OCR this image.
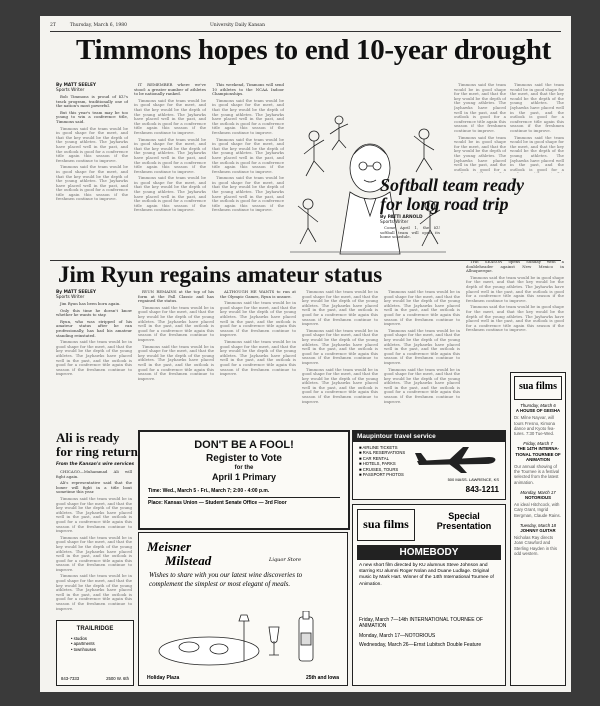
2T	Thursday, March 6, 1980	University Daily Kansan
Timmons hopes to end 10-year drought
By MATT SEELEY
Sports Writer

Bob Timmons is proud of KU's track program, traditionally one of the nation's most powerful.

But this year's team may be too young to win a conference title, Timmons said.

Timmons said the team would be in good shape for the meet, and that the key would be the depth of the young athletes. The Jayhawks have placed well in the past, and the outlook is good for a conference title again this season if the freshmen continue to improve.

Timmons said the team would be in good shape for the meet, and that the key would be the depth of the young athletes. The Jayhawks have placed well in the past, and the outlook is good for a conference title again this season if the freshmen continue to improve.

IT REMEMBER where we've stood: a greater number of athletes to be nationally ranked.

Timmons said the team would be in good shape for the meet, and that the key would be the depth of the young athletes. The Jayhawks have placed well in the past, and the outlook is good for a conference title again this season if the freshmen continue to improve.

Timmons said the team would be in good shape for the meet, and that the key would be the depth of the young athletes. The Jayhawks have placed well in the past, and the outlook is good for a conference title again this season if the freshmen continue to improve.

Timmons said the team would be in good shape for the meet, and that the key would be the depth of the young athletes. The Jayhawks have placed well in the past, and the outlook is good for a conference title again this season if the freshmen continue to improve.

This weekend, Timmons will send 10 athletes to the NCAA Indoor Championships.

Timmons said the team would be in good shape for the meet, and that the key would be the depth of the young athletes. The Jayhawks have placed well in the past, and the outlook is good for a conference title again this season if the freshmen continue to improve.

Timmons said the team would be in good shape for the meet, and that the key would be the depth of the young athletes. The Jayhawks have placed well in the past, and the outlook is good for a conference title again this season if the freshmen continue to improve.

Timmons said the team would be in good shape for the meet, and that the key would be the depth of the young athletes. The Jayhawks have placed well in the past, and the outlook is good for a conference title again this season if the freshmen continue to improve.

Timmons said the team would be in good shape for the meet, and that the key would be the depth of the young athletes. The Jayhawks have placed well in the past, and the outlook is good for a conference title again this season if the freshmen continue to improve.

Timmons said the team would be in good shape for the meet, and that the key would be the depth of the young athletes. The Jayhawks have placed well in the past, and the outlook is good for a

Timmons said the team would be in good shape for the meet, and that the key would be the depth of the young athletes. The Jayhawks have placed well in the past, and the outlook is good for a conference title again this season if the freshmen continue to improve.

Timmons said the team would be in good shape for the meet, and that the key would be the depth of the young athletes. The Jayhawks have placed well in the past, and the outlook is good for a

Softball team ready
for long road trip
By PATTI ARNOLD
Sports Writer

Come April 1, the KU softball team will open its home schedule.

Jim Ryun regains amateur status
By MATT SEELEY
Sports Writer

Jim Ryun has been born again.

Only this time he doesn't know whether he wants to stay.

Ryun, who was stripped of his amateur status after he ran professionally, has had his amateur standing reinstated.

Timmons said the team would be in good shape for the meet, and that the key would be the depth of the young athletes. The Jayhawks have placed well in the past, and the outlook is good for a conference title again this season if the freshmen continue to improve.

RYUN REMAINS at the top of his form at the Fall Classic and has regained the status.

Timmons said the team would be in good shape for the meet, and that the key would be the depth of the young athletes. The Jayhawks have placed well in the past, and the outlook is good for a conference title again this season if the freshmen continue to improve.

Timmons said the team would be in good shape for the meet, and that the key would be the depth of the young athletes. The Jayhawks have placed well in the past, and the outlook is good for a conference title again this season if the freshmen continue to improve.

ALTHOUGH HE WANTS to run at the Olympic Games, Ryun is unsure.

Timmons said the team would be in good shape for the meet, and that the key would be the depth of the young athletes. The Jayhawks have placed well in the past, and the outlook is good for a conference title again this season if the freshmen continue to improve.

Timmons said the team would be in good shape for the meet, and that the key would be the depth of the young athletes. The Jayhawks have placed well in the past, and the outlook is good for a conference title again this season if the freshmen continue to improve.

Timmons said the team would be in good shape for the meet, and that the key would be the depth of the young athletes. The Jayhawks have placed well in the past, and the outlook is good for a conference title again this season if the freshmen continue to improve.

Timmons said the team would be in good shape for the meet, and that the key would be the depth of the young athletes. The Jayhawks have placed well in the past, and the outlook is good for a conference title again this season if the freshmen continue to improve.

Timmons said the team would be in good shape for the meet, and that the key would be the depth of the young athletes. The Jayhawks have placed well in the past, and the outlook is good for a conference title again this season if the freshmen continue to improve.

Timmons said the team would be in good shape for the meet, and that the key would be the depth of the young athletes. The Jayhawks have placed well in the past, and the outlook is good for a conference title again this season if the freshmen continue to improve.

Timmons said the team would be in good shape for the meet, and that the key would be the depth of the young athletes. The Jayhawks have placed well in the past, and the outlook is good for a conference title again this season if the freshmen continue to improve.

Timmons said the team would be in good shape for the meet, and that the key would be the depth of the young athletes. The Jayhawks have placed well in the past, and the outlook is good for a conference title again this season if the freshmen continue to improve.

THE SEASON opens Sunday with a doubleheader against New Mexico in Albuquerque.

Timmons said the team would be in good shape for the meet, and that the key would be the depth of the young athletes. The Jayhawks have placed well in the past, and the outlook is good for a conference title again this season if the freshmen continue to improve.

Timmons said the team would be in good shape for the meet, and that the key would be the depth of the young athletes. The Jayhawks have placed well in the past, and the outlook is good for a conference title again this season if the freshmen continue to improve.

Ali is ready
for ring return
From the Kansan's wire services

CHICAGO—Muhammad Ali will fight again.

Ali's representative said that the boxer will fight in a title bout sometime this year.

Timmons said the team would be in good shape for the meet, and that the key would be the depth of the young athletes. The Jayhawks have placed well in the past, and the outlook is good for a conference title again this season if the freshmen continue to improve.

Timmons said the team would be in good shape for the meet, and that the key would be the depth of the young athletes. The Jayhawks have placed well in the past, and the outlook is good for a conference title again this season if the freshmen continue to improve.

Timmons said the team would be in good shape for the meet, and that the key would be the depth of the young athletes. The Jayhawks have placed well in the past, and the outlook is good for a conference title again this season if the freshmen continue to improve.

TRAILRIDGE
• studios
• apartments
• townhouses
843-7333	2500 W. 6th
DON'T BE A FOOL!
Register to Vote
for the
April 1 Primary
Time: Wed., March 5 - Fri., March 7; 2:00 - 4:00 p.m.
Place: Kansas Union — Student Senate Office — 3rd Floor
Meisner
Milstead	Liquor Store
Wishes to share with you our latest wine discoveries to complement the simplest or most elegant of meals.
Holiday Plaza	25th and Iowa
Maupintour travel service
■ AIRLINE TICKETS
■ RAIL RESERVATIONS
■ CAR RENTAL
■ HOTELS, PARKS
■ CRUISES, TOURS
■ PASSPORT PHOTOS
500 MASS. LAWRENCE, KS
843-1211
sua films
Special
Presentation
HOMEBODY
A new short film directed by KU alumnus Steve Johnson and starring KU alumni Roger Nolan and Duane Ludlage. Original music by Mark Hart. Winner of the 14th International Tournee of Animation.
Friday, March 7—14th INTERNATIONAL TOURNEE OF ANIMATION
Monday, March 17—NOTORIOUS
Wednesday, March 26—Ernst Lubitsch Double Feature
sua films
Thursday, March 6
A HOUSE OF GEISHA
Dr. Milne Nayvar, will tours Fresno, Kimona dance and Kyoto fea-tures. 7:30 Tue-Wed.
Friday, March 7
THE 14TH INTERNA-
TIONAL TOURNEE OF
ANIMATION
Our annual showing of the Tournee is a festival selected from the latest animation.
Monday, March 17
NOTORIOUS
An ideal Hitchcock, with Cary Grant, Ingrid Bergman, Claude Rains.
Tuesday, March 18
JOHNNY GUITAR
Nicholas Ray directs Joan Crawford and Sterling Hayden in this odd western.
